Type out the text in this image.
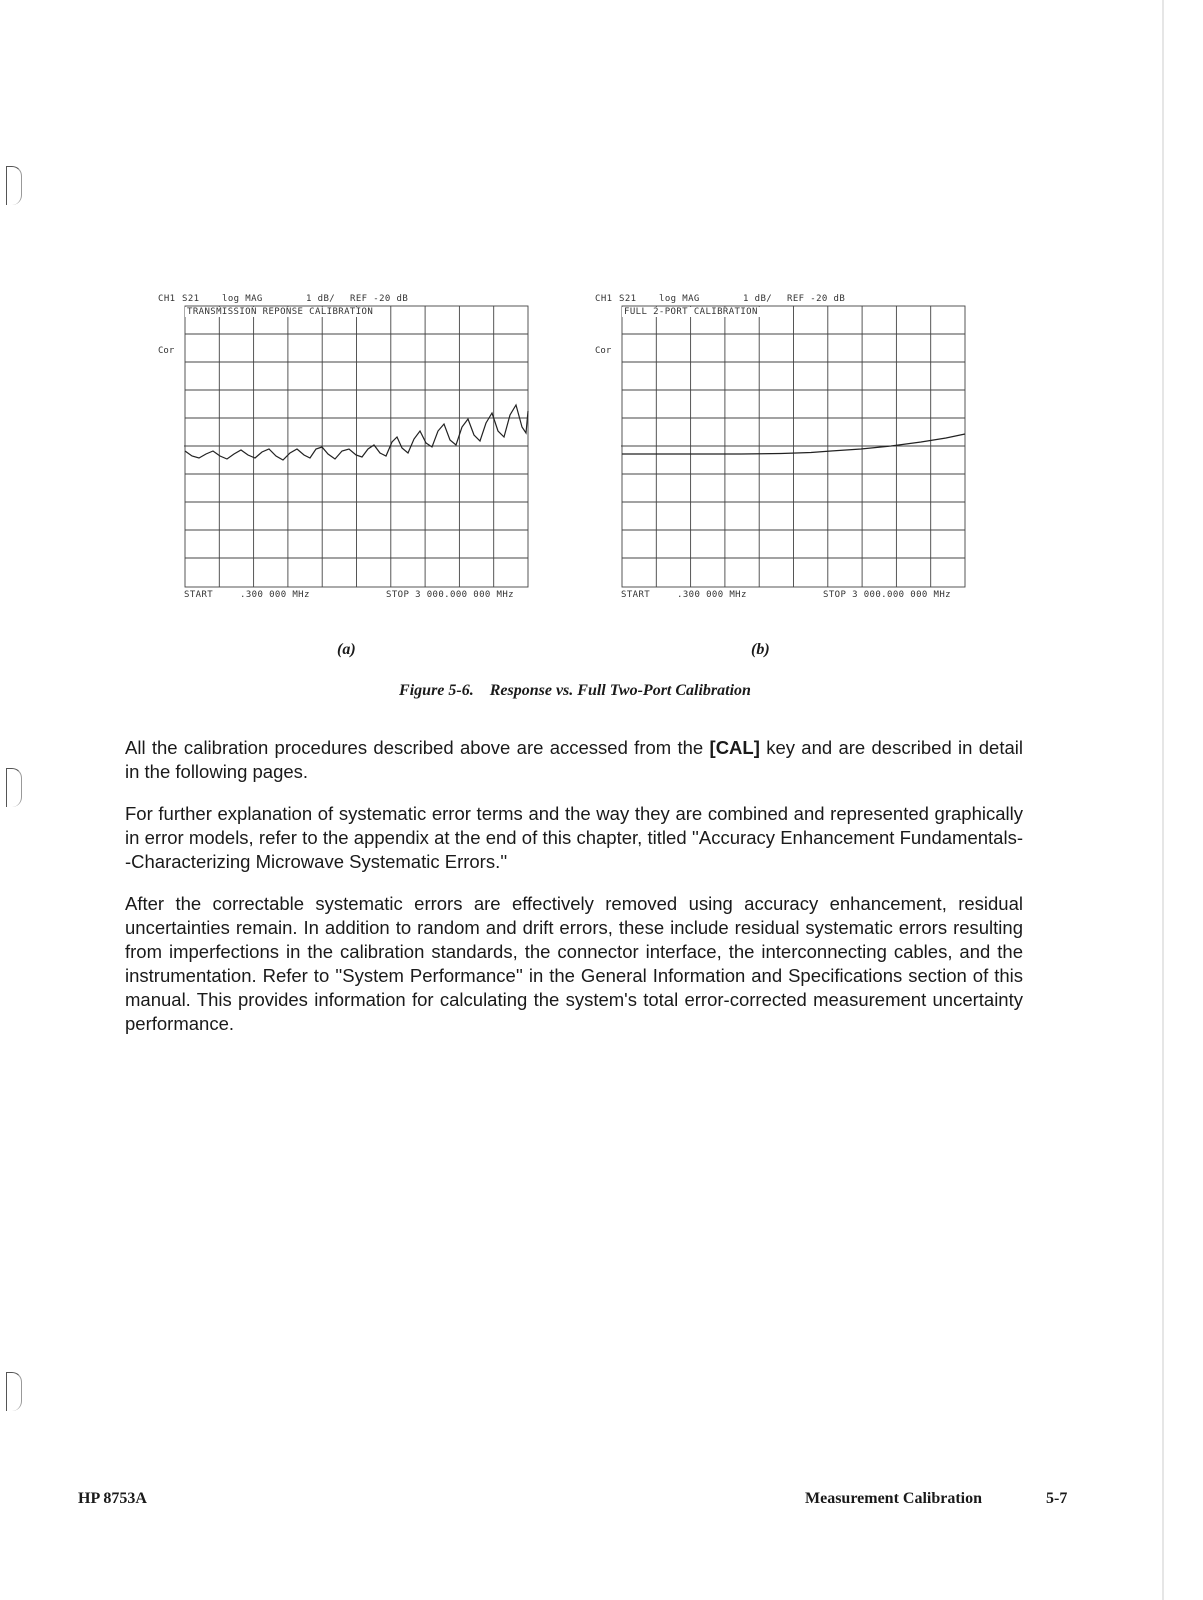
CH1

S21

	log MAG

	1 dB/

REF -20 dB

Cor
TRANSMISSION REPONSE CALIBRATION
START	.300 000 MHz	STOP 3 000.000 000 MHz

CH1

S21

	log MAG

	1 dB/

REF -20 dB

Cor
FULL 2-PORT CALIBRATION
START	.300 000 MHz	STOP 3 000.000 000 MHz
(a)	(b)
Figure 5-6. Response vs. Full Two-Port Calibration

All the calibration procedures described above are accessed from the [CAL] key and are described in detail in the following pages.

For further explanation of systematic error terms and the way they are combined and represented graphically in error models, refer to the appendix at the end of this chapter, titled ''Accuracy Enhancement Fundamentals--Characterizing Microwave Systematic Errors.''

After the correctable systematic errors are effectively removed using accuracy enhancement, residual uncertainties remain. In addition to random and drift errors, these include residual systematic errors resulting from imperfections in the calibration standards, the connector interface, the interconnecting cables, and the instrumentation. Refer to ''System Performance'' in the General Information and Specifications section of this manual. This provides information for calculating the system's total error-corrected measurement uncertainty performance.

HP 8753A	Measurement Calibration	5-7
